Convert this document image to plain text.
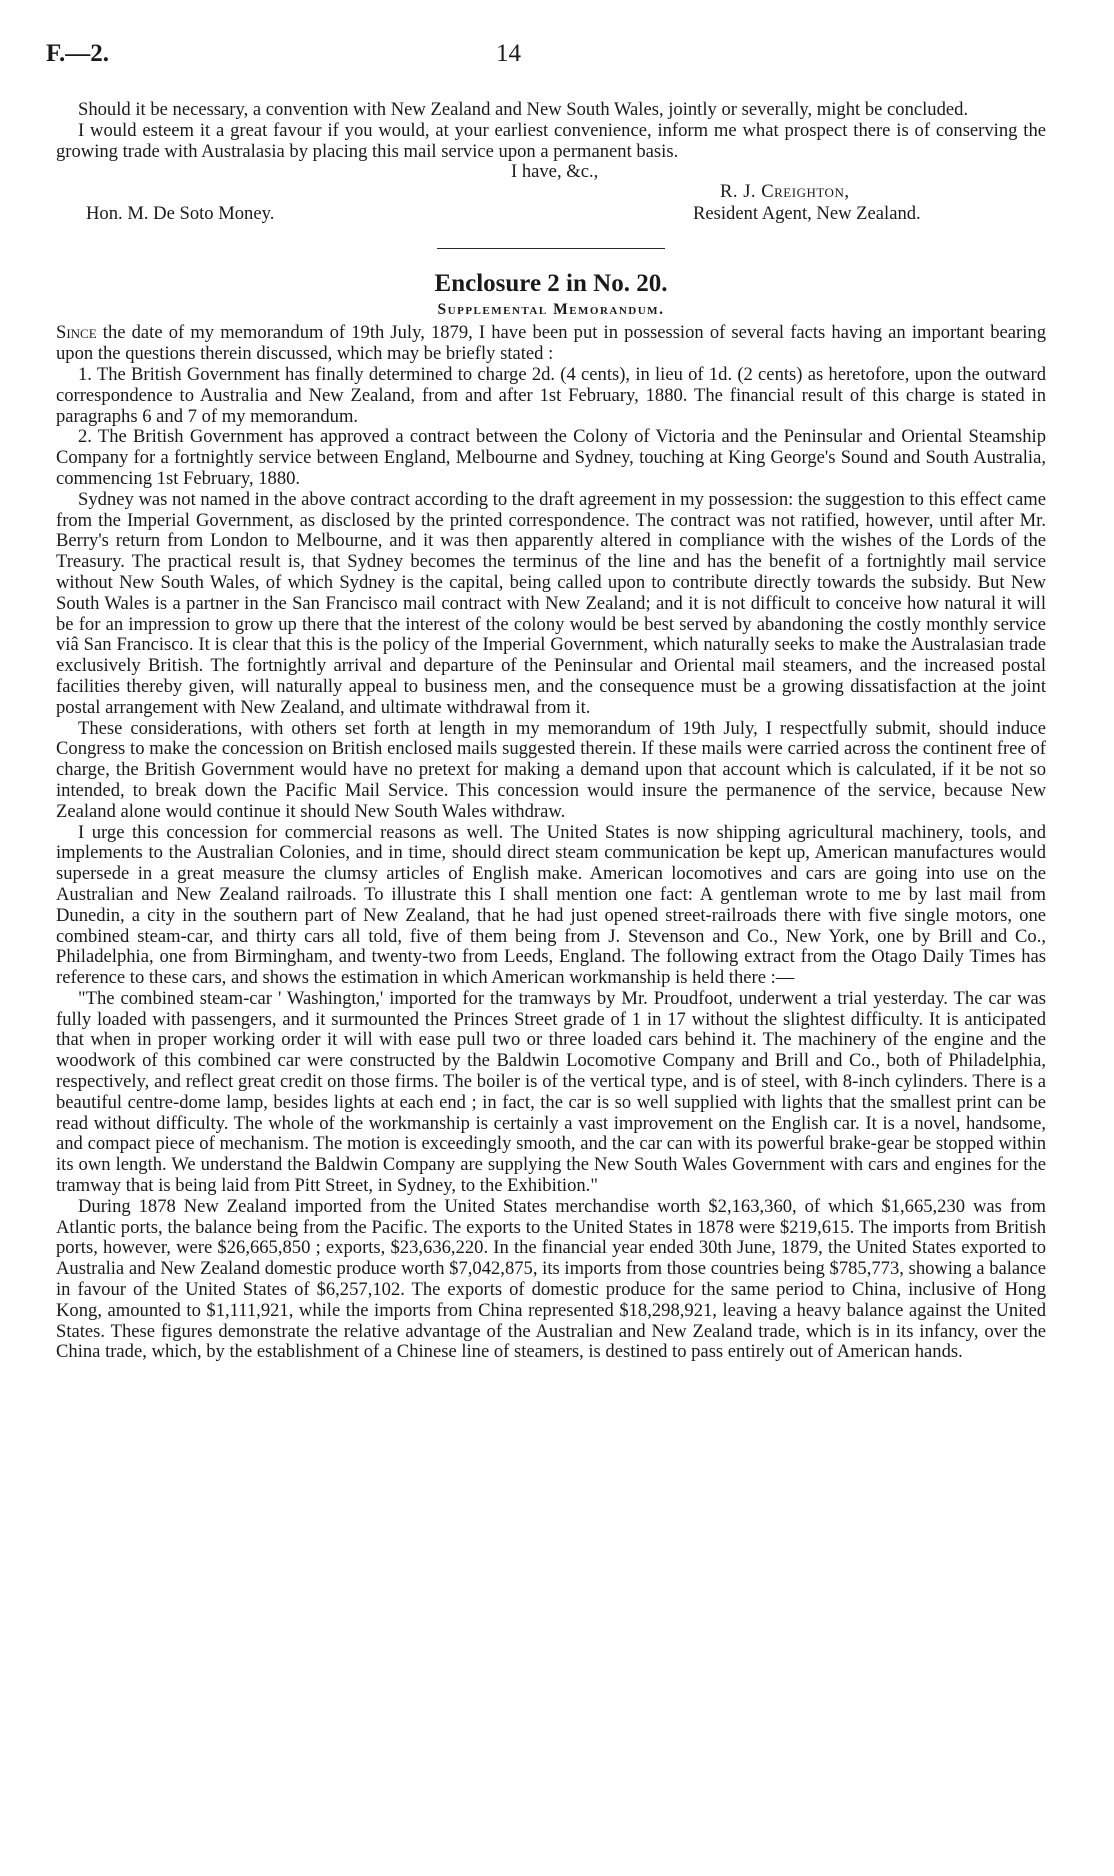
F.—2.	14

Should it be necessary, a convention with New Zealand and New South Wales, jointly or severally, might be concluded.

I would esteem it a great favour if you would, at your earliest convenience, inform me what prospect there is of conserving the growing trade with Australasia by placing this mail service upon a permanent basis.

I have, &c.,
R. J. Creighton,
Hon. M. De Soto Money.	Resident Agent, New Zealand.
Enclosure 2 in No. 20.
Supplemental Memorandum.

Since the date of my memorandum of 19th July, 1879, I have been put in possession of several facts having an important bearing upon the questions therein discussed, which may be briefly stated :

1. The British Government has finally determined to charge 2d. (4 cents), in lieu of 1d. (2 cents) as heretofore, upon the outward correspondence to Australia and New Zealand, from and after 1st February, 1880. The financial result of this charge is stated in paragraphs 6 and 7 of my memorandum.

2. The British Government has approved a contract between the Colony of Victoria and the Peninsular and Oriental Steamship Company for a fortnightly service between England, Melbourne and Sydney, touching at King George's Sound and South Australia, commencing 1st February, 1880.

Sydney was not named in the above contract according to the draft agreement in my possession: the suggestion to this effect came from the Imperial Government, as disclosed by the printed correspondence. The contract was not ratified, however, until after Mr. Berry's return from London to Melbourne, and it was then apparently altered in compliance with the wishes of the Lords of the Treasury. The practical result is, that Sydney becomes the terminus of the line and has the benefit of a fortnightly mail service without New South Wales, of which Sydney is the capital, being called upon to contribute directly towards the subsidy. But New South Wales is a partner in the San Francisco mail contract with New Zealand; and it is not difficult to conceive how natural it will be for an impression to grow up there that the interest of the colony would be best served by abandoning the costly monthly service viâ San Francisco. It is clear that this is the policy of the Imperial Government, which naturally seeks to make the Australasian trade exclusively British. The fortnightly arrival and departure of the Peninsular and Oriental mail steamers, and the increased postal facilities thereby given, will naturally appeal to business men, and the consequence must be a growing dissatisfaction at the joint postal arrangement with New Zealand, and ultimate withdrawal from it.

These considerations, with others set forth at length in my memorandum of 19th July, I respectfully submit, should induce Congress to make the concession on British enclosed mails suggested therein. If these mails were carried across the continent free of charge, the British Government would have no pretext for making a demand upon that account which is calculated, if it be not so intended, to break down the Pacific Mail Service. This concession would insure the permanence of the service, because New Zealand alone would continue it should New South Wales withdraw.

I urge this concession for commercial reasons as well. The United States is now shipping agricultural machinery, tools, and implements to the Australian Colonies, and in time, should direct steam communication be kept up, American manufactures would supersede in a great measure the clumsy articles of English make. American locomotives and cars are going into use on the Australian and New Zealand railroads. To illustrate this I shall mention one fact: A gentleman wrote to me by last mail from Dunedin, a city in the southern part of New Zealand, that he had just opened street-railroads there with five single motors, one combined steam-car, and thirty cars all told, five of them being from J. Stevenson and Co., New York, one by Brill and Co., Philadelphia, one from Birmingham, and twenty-two from Leeds, England. The following extract from the Otago Daily Times has reference to these cars, and shows the estimation in which American workmanship is held there :—

"The combined steam-car ' Washington,' imported for the tramways by Mr. Proudfoot, underwent a trial yesterday. The car was fully loaded with passengers, and it surmounted the Princes Street grade of 1 in 17 without the slightest difficulty. It is anticipated that when in proper working order it will with ease pull two or three loaded cars behind it. The machinery of the engine and the woodwork of this combined car were constructed by the Baldwin Locomotive Company and Brill and Co., both of Philadelphia, respectively, and reflect great credit on those firms. The boiler is of the vertical type, and is of steel, with 8-inch cylinders. There is a beautiful centre-dome lamp, besides lights at each end ; in fact, the car is so well supplied with lights that the smallest print can be read without difficulty. The whole of the workmanship is certainly a vast improvement on the English car. It is a novel, handsome, and compact piece of mechanism. The motion is exceedingly smooth, and the car can with its powerful brake-gear be stopped within its own length. We understand the Baldwin Company are supplying the New South Wales Government with cars and engines for the tramway that is being laid from Pitt Street, in Sydney, to the Exhibition."

During 1878 New Zealand imported from the United States merchandise worth $2,163,360, of which $1,665,230 was from Atlantic ports, the balance being from the Pacific. The exports to the United States in 1878 were $219,615. The imports from British ports, however, were $26,665,850 ; exports, $23,636,220. In the financial year ended 30th June, 1879, the United States exported to Australia and New Zealand domestic produce worth $7,042,875, its imports from those countries being $785,773, showing a balance in favour of the United States of $6,257,102. The exports of domestic produce for the same period to China, inclusive of Hong Kong, amounted to $1,111,921, while the imports from China represented $18,298,921, leaving a heavy balance against the United States. These figures demonstrate the relative advantage of the Australian and New Zealand trade, which is in its infancy, over the China trade, which, by the establishment of a Chinese line of steamers, is destined to pass entirely out of American hands.
